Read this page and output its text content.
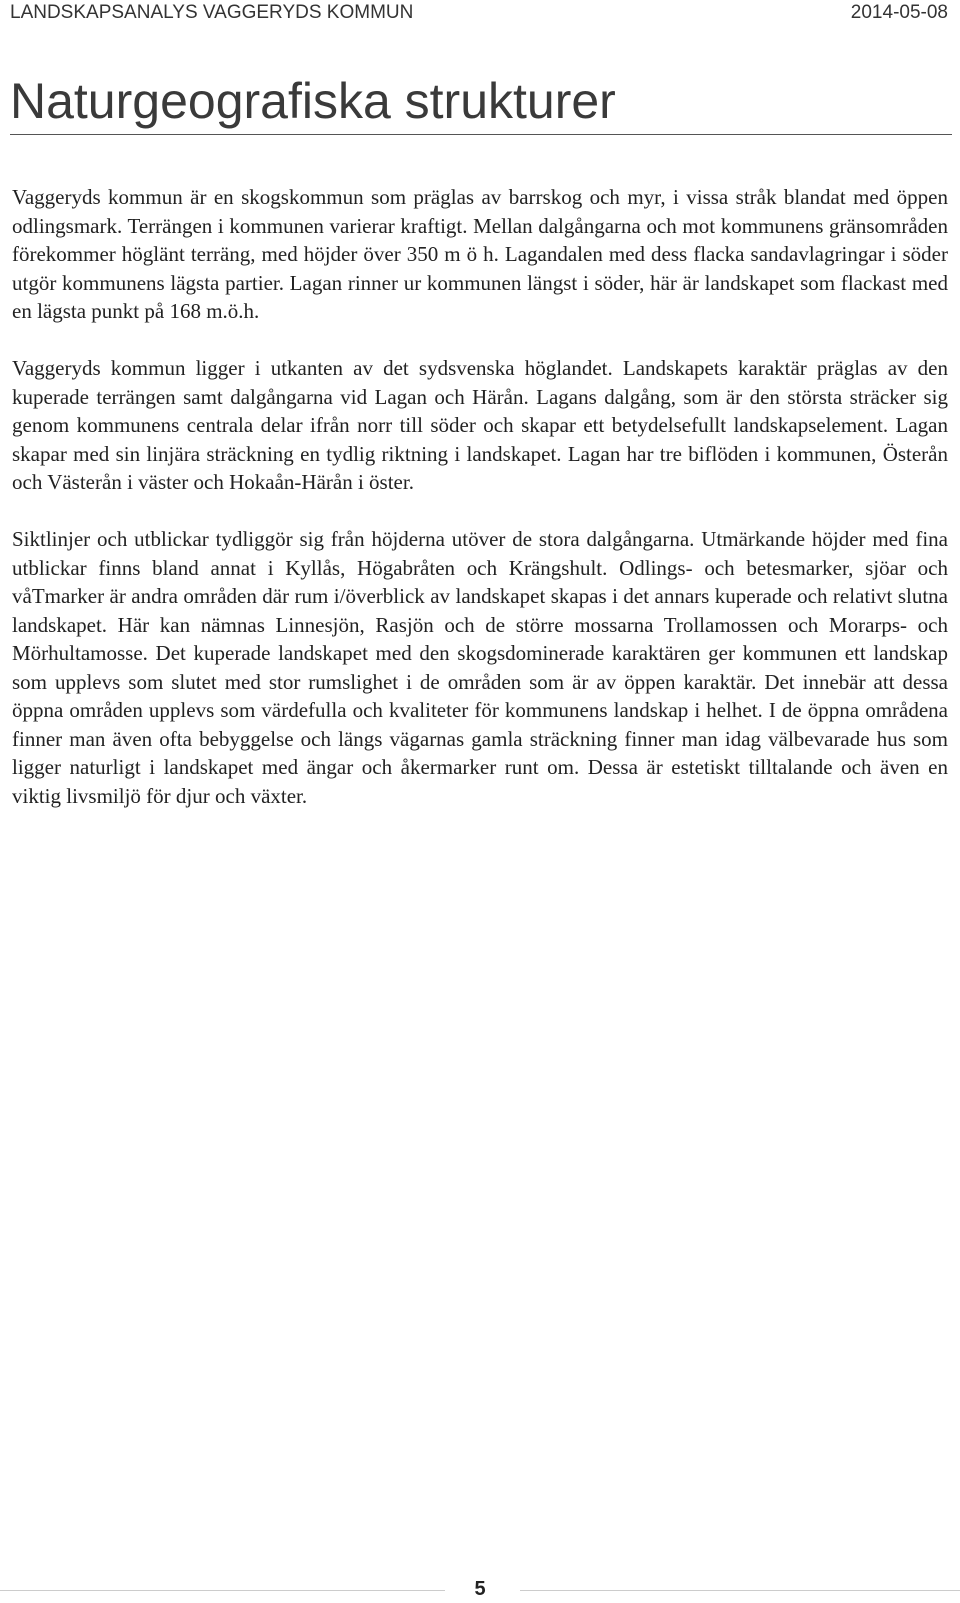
LANDSKAPSANALYS VAGGERYDS KOMMUN	2014-05-08
Naturgeografiska strukturer

Vaggeryds kommun är en skogskommun som präglas av barrskog och myr, i vissa stråk blandat med öppen odlingsmark. Terrängen i kommunen varierar kraftigt. Mellan dalgångarna och mot kommunens gränsområden förekommer höglänt terräng, med höjder över 350 m ö h. Lagandalen med dess flacka sandavlagringar i söder utgör kommunens lägsta partier. Lagan rinner ur kommunen längst i söder, här är landskapet som flackast med en lägsta punkt på 168 m.ö.h.

Vaggeryds kommun ligger i utkanten av det sydsvenska höglandet. Landskapets karaktär präglas av den kuperade terrängen samt dalgångarna vid Lagan och Härån. Lagans dalgång, som är den största sträcker sig genom kommunens centrala delar ifrån norr till söder och skapar ett betydelsefullt landskapselement. Lagan skapar med sin linjära sträckning en tydlig riktning i landskapet. Lagan har tre biflöden i kommunen, Österån och Västerån i väster och Hokaån-Härån i öster.

Siktlinjer och utblickar tydliggör sig från höjderna utöver de stora dalgångarna. Utmärkande höjder med fina utblickar finns bland annat i Kyllås, Högabråten och Krängshult. Odlings- och betesmarker, sjöar och våTmarker är andra områden där rum i/överblick av landskapet skapas i det annars kuperade och relativt slutna landskapet. Här kan nämnas Linnesjön, Rasjön och de större mossarna Trollamossen och Morarps- och Mörhultamosse. Det kuperade landskapet med den skogsdominerade karaktären ger kommunen ett landskap som upplevs som slutet med stor rumslighet i de områden som är av öppen karaktär. Det innebär att dessa öppna områden upplevs som värdefulla och kvaliteter för kommunens landskap i helhet. I de öppna områdena finner man även ofta bebyggelse och längs vägarnas gamla sträckning finner man idag välbevarade hus som ligger naturligt i landskapet med ängar och åkermarker runt om. Dessa är estetiskt tilltalande och även en viktig livsmiljö för djur och växter.

5
